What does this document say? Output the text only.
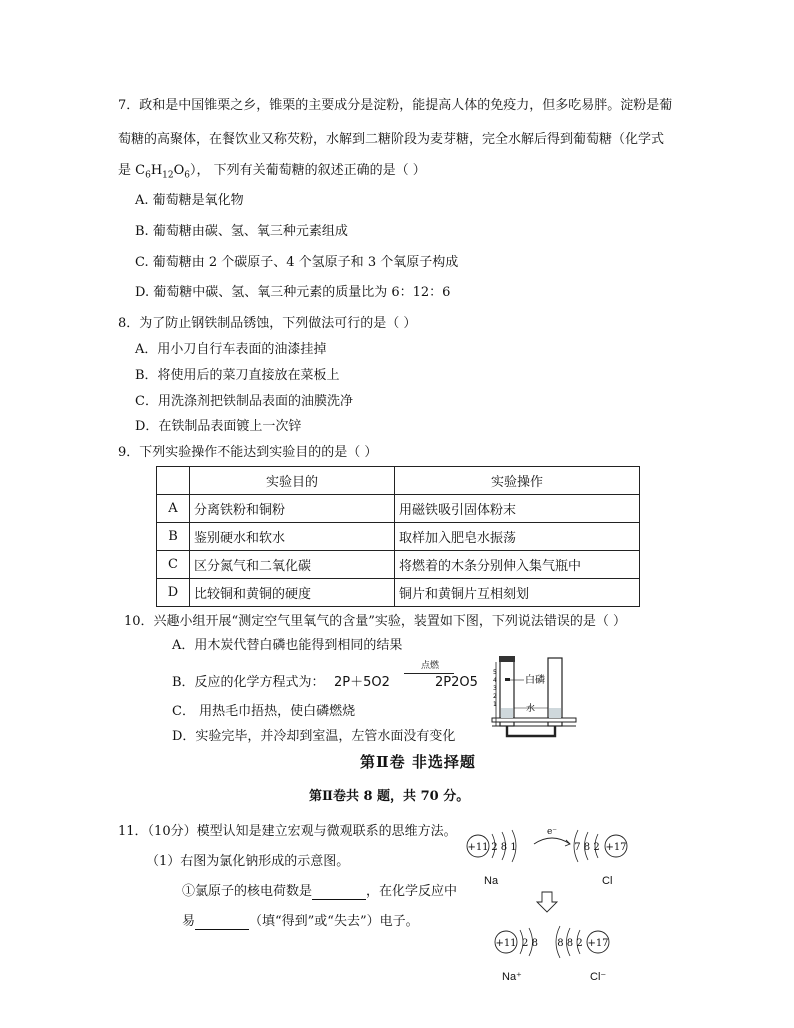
7．政和是中国锥栗之乡，锥栗的主要成分是淀粉，能提高人体的免疫力，但多吃易胖。淀粉是葡
萄糖的高聚体，在餐饮业又称芡粉，水解到二糖阶段为麦芽糖，完全水解后得到葡萄糖（化学式
是 $C_6H_{12}O_6$）， 下列有关葡萄糖的叙述正确的是（ ）
A. 葡萄糖是氧化物
B. 葡萄糖由碳、氢、氧三种元素组成
C. 葡萄糖由 2 个碳原子、4 个氢原子和 3 个氧原子构成
D. 葡萄糖中碳、氢、氧三种元素的质量比为 6：12：6
8．为了防止钢铁制品锈蚀，下列做法可行的是（ ）
A．用小刀自行车表面的油漆挂掉
B．将使用后的菜刀直接放在菜板上
C．用洗涤剂把铁制品表面的油膜洗净
D．在铁制品表面镀上一次锌
9．下列实验操作不能达到实验目的的是（ ）
	实验目的	实验操作
A	分离铁粉和铜粉	用磁铁吸引固体粉末
B	鉴别硬水和软水	取样加入肥皂水振荡
C	区分氮气和二氧化碳	将燃着的木条分别伸入集气瓶中
D	比较铜和黄铜的硬度	铜片和黄铜片互相刻划
10．兴趣小组开展“测定空气里氧气的含量”实验，装置如下图，下列说法错误的是（ ）
A．用木炭代替白磷也能得到相同的结果
B．反应的化学方程式为： 2P＋5O2
点燃
2P2O5
C． 用热毛巾捂热，使白磷燃烧
D．实验完毕，并冷却到室温，左管水面没有变化
5
4
3
2
1
白磷
水
第Ⅱ卷 非选择题
第Ⅱ卷共 8 题，共 70 分。
11．（10分）模型认知是建立宏观与微观联系的思维方法。
（1）右图为氯化钠形成的示意图。
①氯原子的核电荷数是	，在化学反应中
易	（填“得到”或“失去”）电子。
+11 2 8 1
e⁻
7 8 2 +17
Na	Cl
+11 2 8 8 8 2 +17
Na⁺	Cl⁻
